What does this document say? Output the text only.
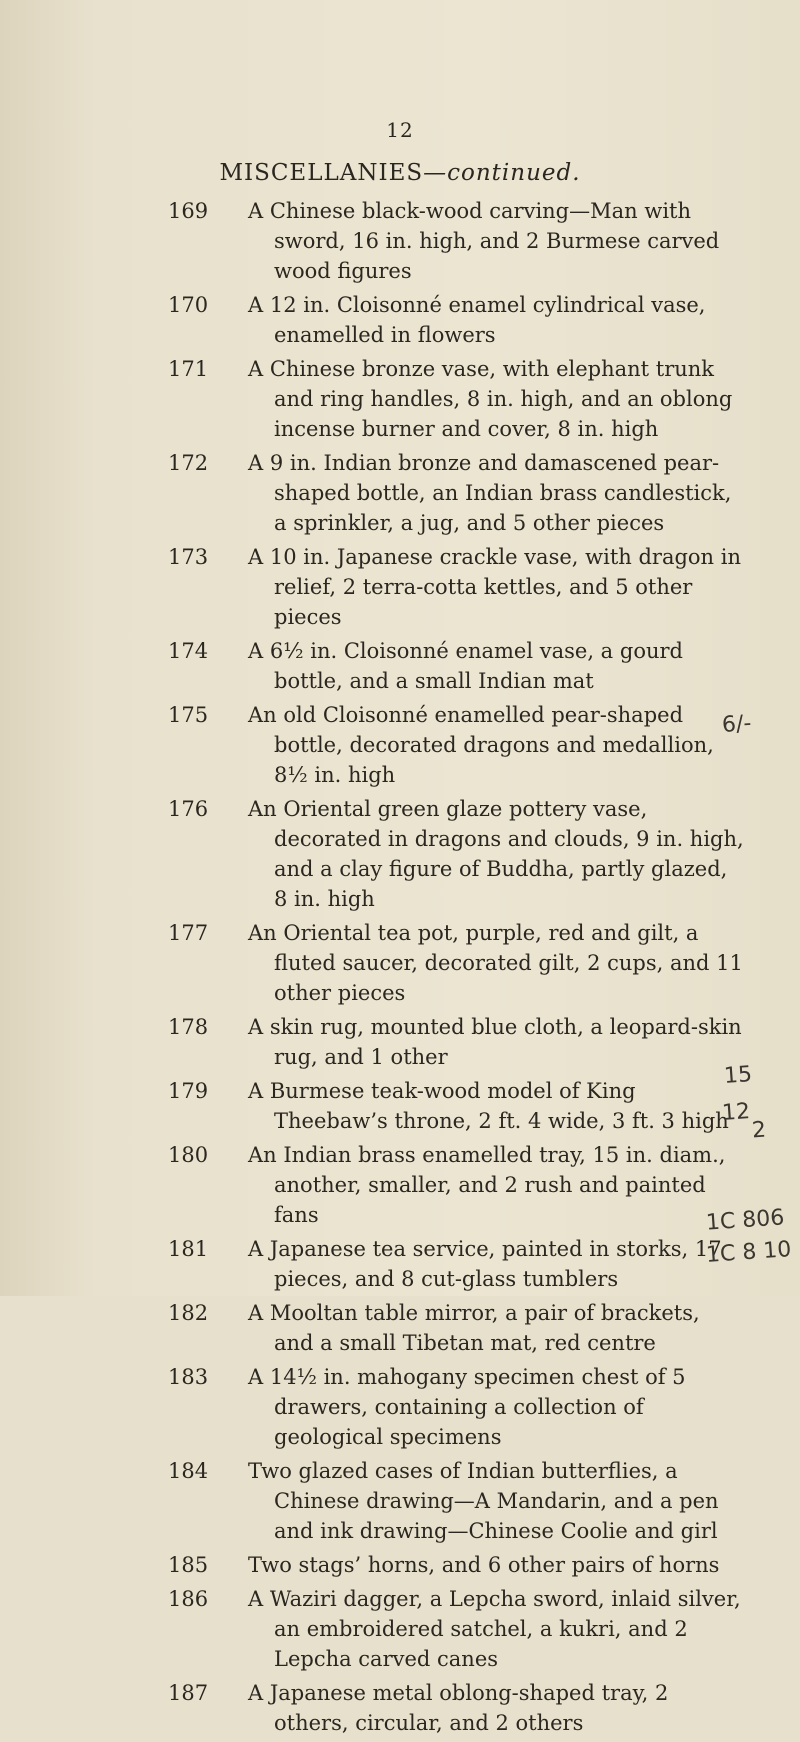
12
MISCELLANIES—continued.
169	A Chinese black-wood carving—Man with sword, 16 in. high, and 2 Burmese carved wood figures
170	A 12 in. Cloisonné enamel cylindrical vase, enamelled in flowers
171	A Chinese bronze vase, with elephant trunk and ring handles, 8 in. high, and an oblong incense burner and cover, 8 in. high
172	A 9 in. Indian bronze and damascened pear-shaped bottle, an Indian brass candlestick, a sprinkler, a jug, and 5 other pieces
173	A 10 in. Japanese crackle vase, with dragon in relief, 2 terra-cotta kettles, and 5 other pieces
174	A 6½ in. Cloisonné enamel vase, a gourd bottle, and a small Indian mat
175	An old Cloisonné enamelled pear-shaped bottle, decorated dragons and medallion, 8½ in. high
176	An Oriental green glaze pottery vase, decorated in dragons and clouds, 9 in. high, and a clay figure of Buddha, partly glazed, 8 in. high
177	An Oriental tea pot, purple, red and gilt, a fluted saucer, decorated gilt, 2 cups, and 11 other pieces
178	A skin rug, mounted blue cloth, a leopard-skin rug, and 1 other
179	A Burmese teak-wood model of King Theebaw’s throne, 2 ft. 4 wide, 3 ft. 3 high
180	An Indian brass enamelled tray, 15 in. diam., another, smaller, and 2 rush and painted fans
181	A Japanese tea service, painted in storks, 17 pieces, and 8 cut-glass tumblers
182	A Mooltan table mirror, a pair of brackets, and a small Tibetan mat, red centre
183	A 14½ in. mahogany specimen chest of 5 drawers, containing a collection of geological specimens
184	Two glazed cases of Indian butterflies, a Chinese drawing—A Mandarin, and a pen and ink drawing—Chinese Coolie and girl
185	Two stags’ horns, and 6 other pairs of horns
186	A Waziri dagger, a Lepcha sword, inlaid silver, an embroidered satchel, a kukri, and 2 Lepcha carved canes
187	A Japanese metal oblong-shaped tray, 2 others, circular, and 2 others
6/-
15
12
2
1C 806
1C 8 10
